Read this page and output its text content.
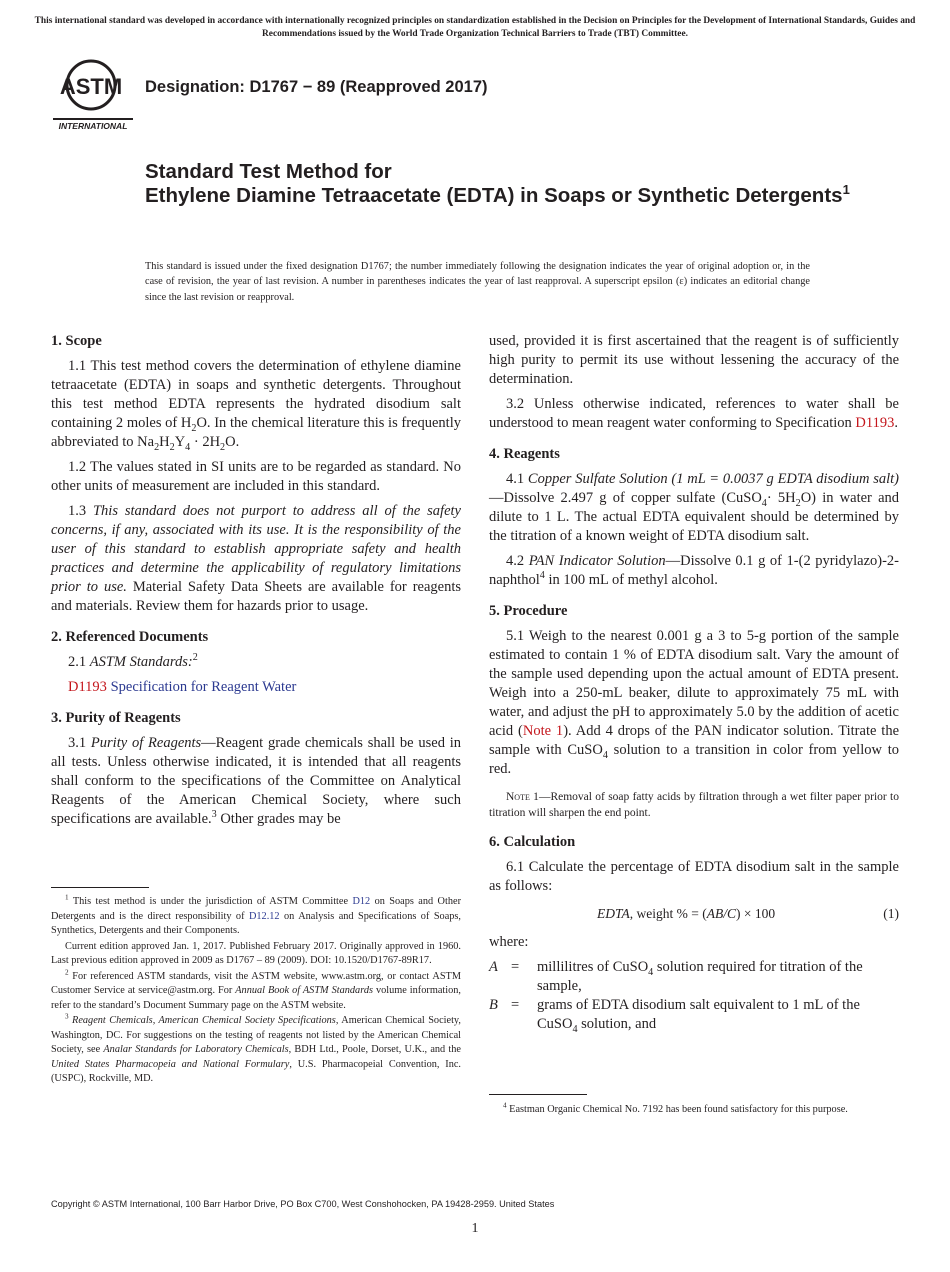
This international standard was developed in accordance with internationally recognized principles on standardization established in the Decision on Principles for the Development of International Standards, Guides and Recommendations issued by the World Trade Organization Technical Barriers to Trade (TBT) Committee.
ASTM
INTERNATIONAL
Designation: D1767 − 89 (Reapproved 2017)
Standard Test Method for
Ethylene Diamine Tetraacetate (EDTA) in Soaps or Synthetic Detergents$^1$
This standard is issued under the fixed designation D1767; the number immediately following the designation indicates the year of original adoption or, in the case of revision, the year of last revision. A number in parentheses indicates the year of last reapproval. A superscript epsilon (ε) indicates an editorial change since the last revision or reapproval.
1. Scope

1.1 This test method covers the determination of ethylene diamine tetraacetate (EDTA) in soaps and synthetic detergents. Throughout this test method EDTA represents the hydrated disodium salt containing 2 moles of $H_2O$. In the chemical literature this is frequently abbreviated to $Na_2H_2Y_4 \cdot 2H_2O$.

1.2 The values stated in SI units are to be regarded as standard. No other units of measurement are included in this standard.

1.3 This standard does not purport to address all of the safety concerns, if any, associated with its use. It is the responsibility of the user of this standard to establish appropriate safety and health practices and determine the applicability of regulatory limitations prior to use. Material Safety Data Sheets are available for reagents and materials. Review them for hazards prior to usage.

2. Referenced Documents

2.1 ASTM Standards:$^2$

D1193 Specification for Reagent Water

3. Purity of Reagents

3.1 Purity of Reagents—Reagent grade chemicals shall be used in all tests. Unless otherwise indicated, it is intended that all reagents shall conform to the specifications of the Committee on Analytical Reagents of the American Chemical Society, where such specifications are available.$^3$ Other grades may be

$^1$ This test method is under the jurisdiction of ASTM Committee D12 on Soaps and Other Detergents and is the direct responsibility of D12.12 on Analysis and Specifications of Soaps, Synthetics, Detergents and their Components.

Current edition approved Jan. 1, 2017. Published February 2017. Originally approved in 1960. Last previous edition approved in 2009 as D1767 – 89 (2009). DOI: 10.1520/D1767-89R17.

$^2$ For referenced ASTM standards, visit the ASTM website, www.astm.org, or contact ASTM Customer Service at service@astm.org. For Annual Book of ASTM Standards volume information, refer to the standard’s Document Summary page on the ASTM website.

$^3$ Reagent Chemicals, American Chemical Society Specifications, American Chemical Society, Washington, DC. For suggestions on the testing of reagents not listed by the American Chemical Society, see Analar Standards for Laboratory Chemicals, BDH Ltd., Poole, Dorset, U.K., and the United States Pharmacopeia and National Formulary, U.S. Pharmacopeial Convention, Inc. (USPC), Rockville, MD.

used, provided it is first ascertained that the reagent is of sufficiently high purity to permit its use without lessening the accuracy of the determination.

3.2 Unless otherwise indicated, references to water shall be understood to mean reagent water conforming to Specification D1193.

4. Reagents

4.1 Copper Sulfate Solution (1 mL = 0.0037 g EDTA disodium salt)—Dissolve 2.497 g of copper sulfate (CuSO$_4$· $5H_2O$) in water and dilute to 1 L. The actual EDTA equivalent should be determined by the titration of a known weight of EDTA disodium salt.

4.2 PAN Indicator Solution—Dissolve 0.1 g of 1-(2 pyridylazo)-2-naphthol$^4$ in 100 mL of methyl alcohol.

5. Procedure

5.1 Weigh to the nearest 0.001 g a 3 to 5-g portion of the sample estimated to contain 1 % of EDTA disodium salt. Vary the amount of the sample used depending upon the actual amount of EDTA present. Weigh into a 250-mL beaker, dilute to approximately 75 mL with water, and adjust the pH to approximately 5.0 by the addition of acetic acid (Note 1). Add 4 drops of the PAN indicator solution. Titrate the sample with CuSO$_4$ solution to a transition in color from yellow to red.

Note 1—Removal of soap fatty acids by filtration through a wet filter paper prior to titration will sharpen the end point.
6. Calculation

6.1 Calculate the percentage of EDTA disodium salt in the sample as follows:

EDTA, weight % = (AB/C) × 100	(1)

where:

A =	millilitres of CuSO$_4$ solution required for titration of the sample,
B =	grams of EDTA disodium salt equivalent to 1 mL of the CuSO$_4$ solution, and

$^4$ Eastman Organic Chemical No. 7192 has been found satisfactory for this purpose.

Copyright © ASTM International, 100 Barr Harbor Drive, PO Box C700, West Conshohocken, PA 19428-2959. United States
1
